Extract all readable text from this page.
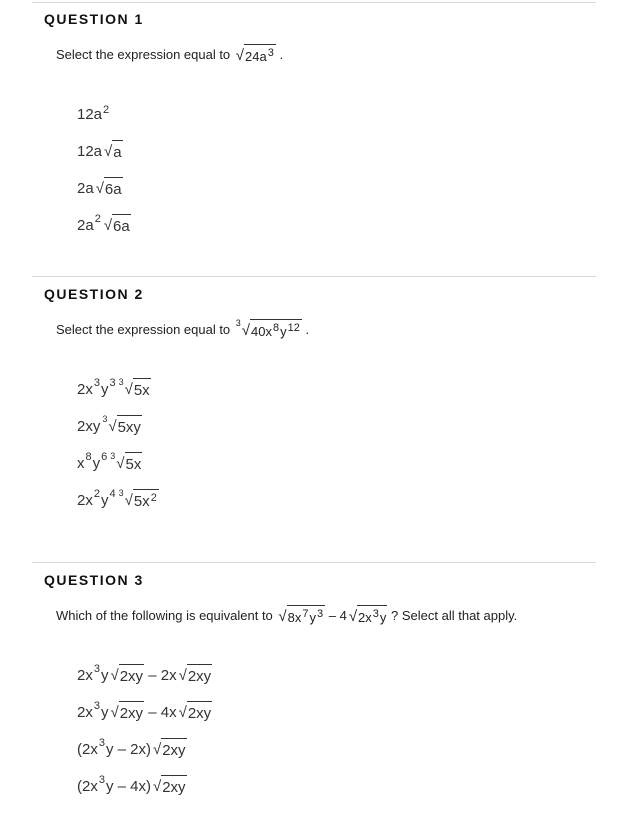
QUESTION 1
Select the expression equal to √ $24a^3$ .
$12a^2$
12a √ a
2a √ 6a
$2a^2$ √ 6a
QUESTION 2
Select the expression equal to 3 √ $40x^8$ $y^{12}$ .
$2x^3$ $y^3$ 3 √ 5x
2xy 3 √ 5xy
$x^8$ $y^6$ 3 √ 5x
$2x^2$ $y^4$ 3 √ $5x^2$
QUESTION 3
Which of the following is equivalent to √ $8x^7$ $y^3 - 4$ √ $2x^3$ y ? Select all that apply.
$2x^3$ y √ 2xy – 2x √ 2xy
$2x^3$ y √ 2xy – 4x √ 2xy
($2x^3$ y – 2x) √ 2xy
($2x^3$ y – 4x) √ 2xy
